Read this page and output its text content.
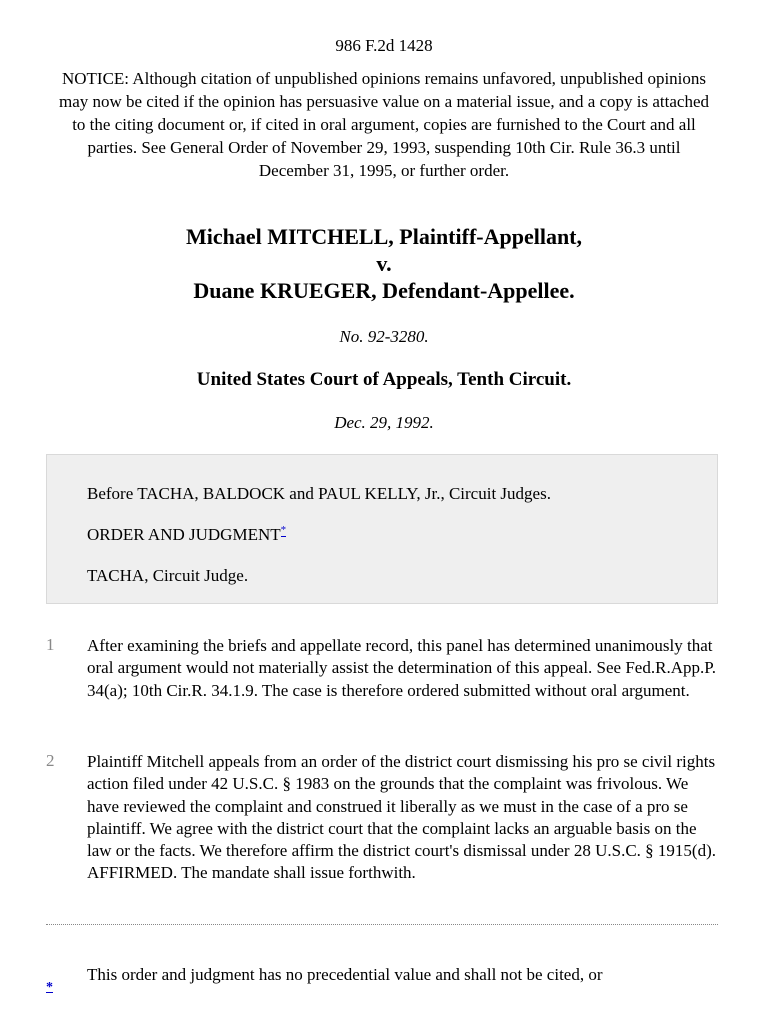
986 F.2d 1428
NOTICE: Although citation of unpublished opinions remains unfavored, unpublished opinions may now be cited if the opinion has persuasive value on a material issue, and a copy is attached to the citing document or, if cited in oral argument, copies are furnished to the Court and all parties. See General Order of November 29, 1993, suspending 10th Cir. Rule 36.3 until December 31, 1995, or further order.
Michael MITCHELL, Plaintiff-Appellant,
v.
Duane KRUEGER, Defendant-Appellee.
No. 92-3280.
United States Court of Appeals, Tenth Circuit.
Dec. 29, 1992.
Before TACHA, BALDOCK and PAUL KELLY, Jr., Circuit Judges.
ORDER AND JUDGMENT*
TACHA, Circuit Judge.
1 After examining the briefs and appellate record, this panel has determined unanimously that oral argument would not materially assist the determination of this appeal. See Fed.R.App.P. 34(a); 10th Cir.R. 34.1.9. The case is therefore ordered submitted without oral argument.
2 Plaintiff Mitchell appeals from an order of the district court dismissing his pro se civil rights action filed under 42 U.S.C. § 1983 on the grounds that the complaint was frivolous. We have reviewed the complaint and construed it liberally as we must in the case of a pro se plaintiff. We agree with the district court that the complaint lacks an arguable basis on the law or the facts. We therefore affirm the district court's dismissal under 28 U.S.C. § 1915(d). AFFIRMED. The mandate shall issue forthwith.
*
This order and judgment has no precedential value and shall not be cited, or
